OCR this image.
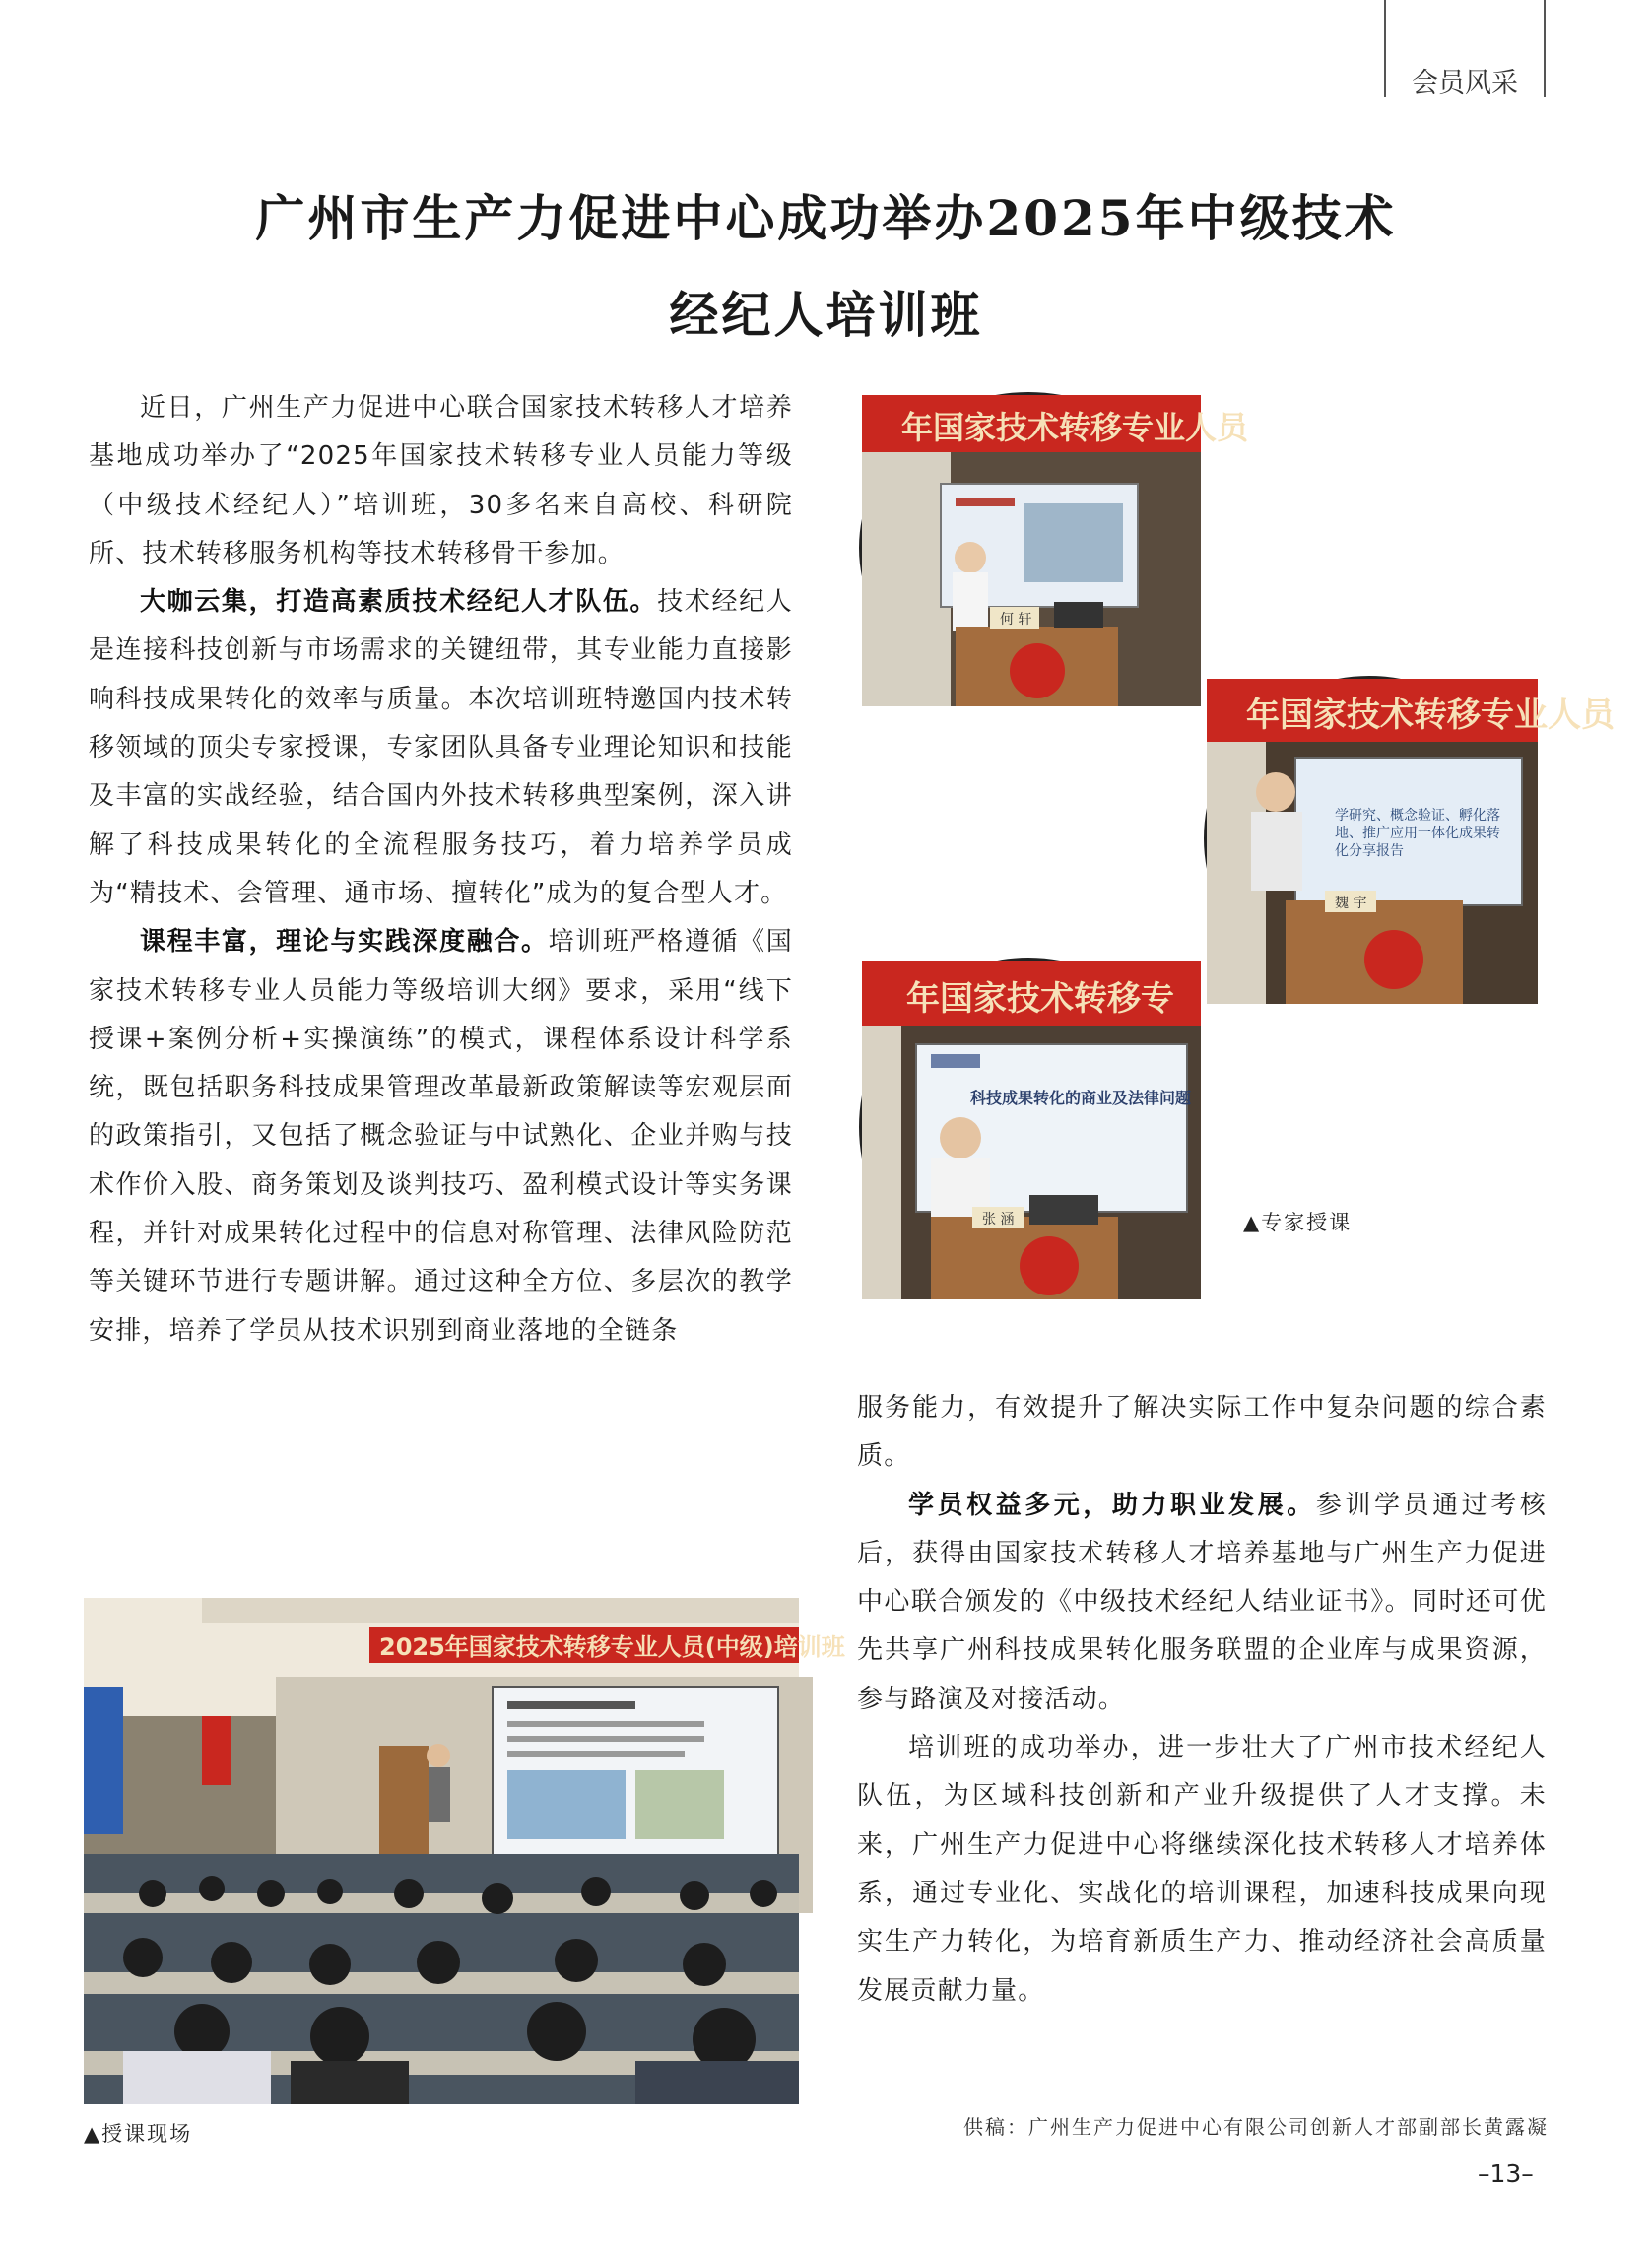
会员风采
广州市生产力促进中心成功举办2025年中级技术
经纪人培训班

近日，广州生产力促进中心联合国家技术转移人才培养基地成功举办了“2025年国家技术转移专业人员能力等级（中级技术经纪人）”培训班，30多名来自高校、科研院所、技术转移服务机构等技术转移骨干参加。

大咖云集，打造高素质技术经纪人才队伍。技术经纪人是连接科技创新与市场需求的关键纽带，其专业能力直接影响科技成果转化的效率与质量。本次培训班特邀国内技术转移领域的顶尖专家授课，专家团队具备专业理论知识和技能及丰富的实战经验，结合国内外技术转移典型案例，深入讲解了科技成果转化的全流程服务技巧，着力培养学员成为“精技术、会管理、通市场、擅转化”成为的复合型人才。

课程丰富，理论与实践深度融合。培训班严格遵循《国家技术转移专业人员能力等级培训大纲》要求，采用“线下授课+案例分析+实操演练”的模式，课程体系设计科学系统，既包括职务科技成果管理改革最新政策解读等宏观层面的政策指引，又包括了概念验证与中试熟化、企业并购与技术作价入股、商务策划及谈判技巧、盈利模式设计等实务课程，并针对成果转化过程中的信息对称管理、法律风险防范等关键环节进行专题讲解。通过这种全方位、多层次的教学安排，培养了学员从技术识别到商业落地的全链条

服务能力，有效提升了解决实际工作中复杂问题的综合素质。

学员权益多元，助力职业发展。参训学员通过考核后，获得由国家技术转移人才培养基地与广州生产力促进中心联合颁发的《中级技术经纪人结业证书》。同时还可优先共享广州科技成果转化服务联盟的企业库与成果资源，参与路演及对接活动。

培训班的成功举办，进一步壮大了广州市技术经纪人队伍，为区域科技创新和产业升级提供了人才支撑。未来，广州生产力促进中心将继续深化技术转移人才培养体系，通过专业化、实战化的培训课程，加速科技成果向现实生产力转化，为培育新质生产力、推动经济社会高质量发展贡献力量。

年国家技术转移专业人员
何 轩
年国家技术转移专业人员
学研究、概念验证、孵化落地、推广应用一体化成果转化分享报告
魏 宇
年国家技术转移专
科技成果转化的商业及法律问题
张 涵	▲专家授课
2025年国家技术转移专业人员(中级)培训班
▲授课现场	供稿：广州生产力促进中心有限公司创新人才部副部长黄露凝
–13–
